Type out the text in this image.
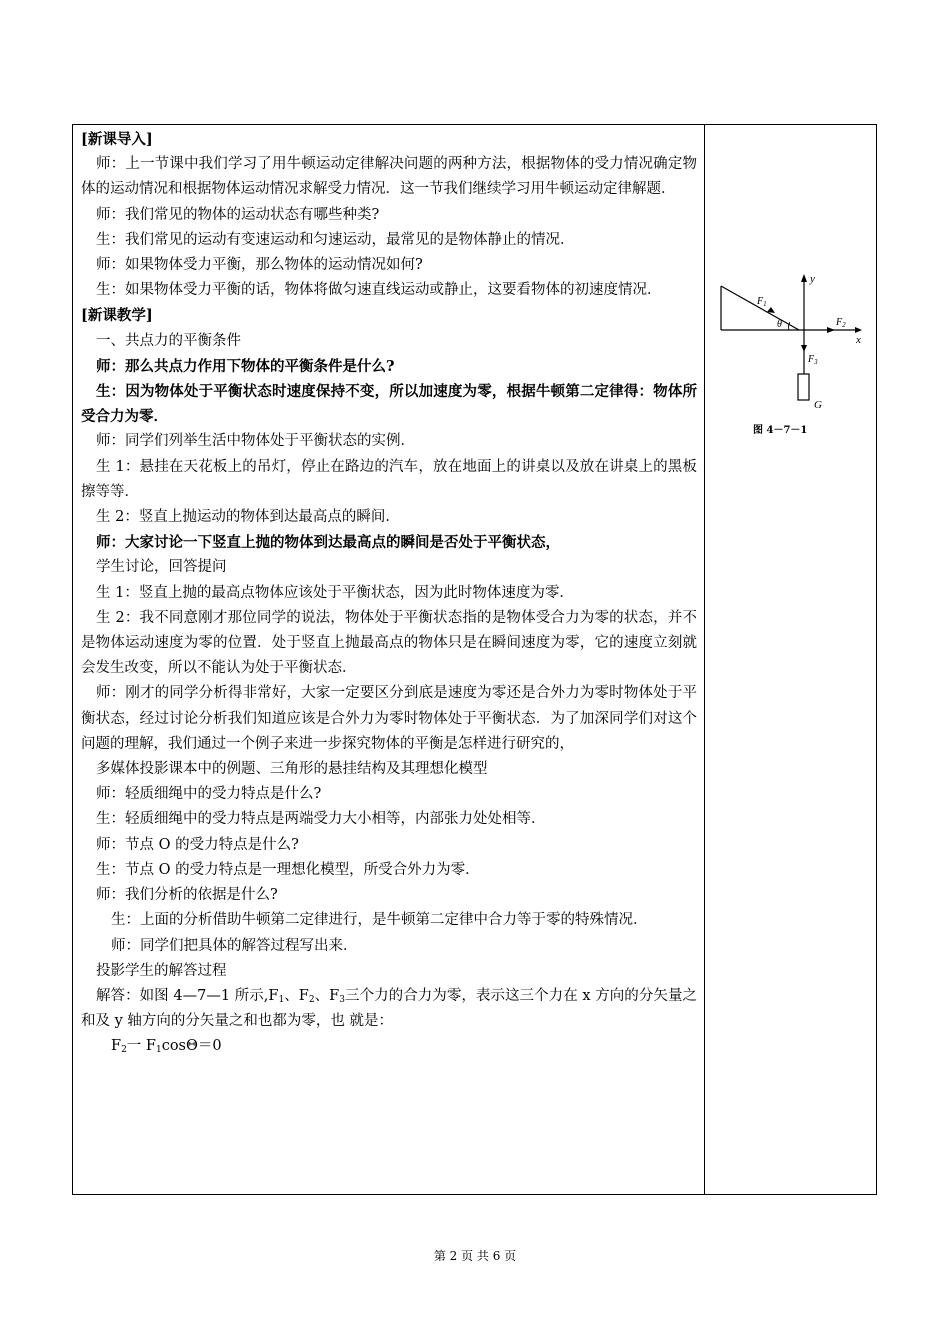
[新课导入]

师：上一节课中我们学习了用牛顿运动定律解决问题的两种方法，根据物体的受力情况确定物体的运动情况和根据物体运动情况求解受力情况．这一节我们继续学习用牛顿运动定律解题．

师：我们常见的物体的运动状态有哪些种类?

生：我们常见的运动有变速运动和匀速运动，最常见的是物体静止的情况．

师：如果物体受力平衡，那么物体的运动情况如何?

生：如果物体受力平衡的话，物体将做匀速直线运动或静止，这要看物体的初速度情况．

[新课教学]

一、共点力的平衡条件

师：那么共点力作用下物体的平衡条件是什么?

生：因为物体处于平衡状态时速度保持不变，所以加速度为零，根据牛顿第二定律得：物体所受合力为零．

师：同学们列举生活中物体处于平衡状态的实例．

生 1：悬挂在天花板上的吊灯，停止在路边的汽车，放在地面上的讲桌以及放在讲桌上的黑板擦等等．

生 2：竖直上抛运动的物体到达最高点的瞬间．

师：大家讨论一下竖直上抛的物体到达最高点的瞬间是否处于平衡状态，

学生讨论，回答提问

生 1：竖直上抛的最高点物体应该处于平衡状态，因为此时物体速度为零．

生 2：我不同意刚才那位同学的说法，物体处于平衡状态指的是物体受合力为零的状态，并不是物体运动速度为零的位置．处于竖直上抛最高点的物体只是在瞬间速度为零，它的速度立刻就会发生改变，所以不能认为处于平衡状态．

师：刚才的同学分析得非常好，大家一定要区分到底是速度为零还是合外力为零时物体处于平衡状态，经过讨论分析我们知道应该是合外力为零时物体处于平衡状态．为了加深同学们对这个问题的理解，我们通过一个例子来进一步探究物体的平衡是怎样进行研究的，

多媒体投影课本中的例题、三角形的悬挂结构及其理想化模型

师：轻质细绳中的受力特点是什么?

生：轻质细绳中的受力特点是两端受力大小相等，内部张力处处相等．

师：节点 O 的受力特点是什么?

生：节点 O 的受力特点是一理想化模型，所受合外力为零．

师：我们分析的依据是什么?

生：上面的分析借助牛顿第二定律进行，是牛顿第二定律中合力等于零的特殊情况．

师：同学们把具体的解答过程写出来．

投影学生的解答过程

解答：如图 4—7—1 所示$,F_1$、$F_2$、$F_3$三个力的合力为零，表示这三个力在 x 方向的分矢量之和及 y 轴方向的分矢量之和也都为零，也 就是：

$F_2$一 $F_1\cos\Theta=0$

y
x
$F_1$
$F_2$
$F_3$
θ
G
图 4－7－1
第 2 页 共 6 页
